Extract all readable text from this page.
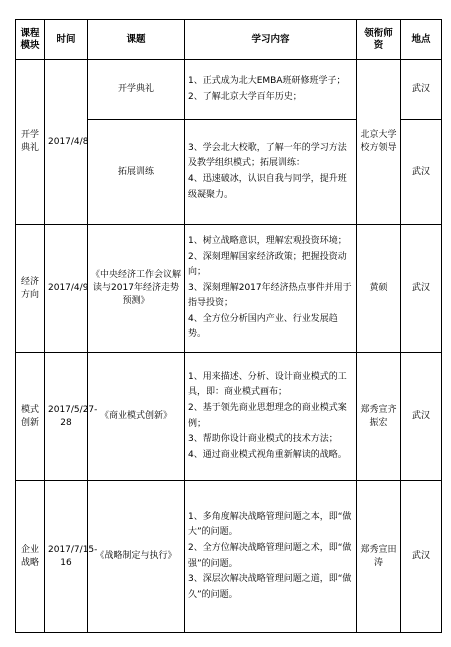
课程模块	时间	课题	学习内容	领衔师资	地点
开学典礼	2017/4/8	开学典礼	1、正式成为北大EMBA班研修班学子；
2、了解北京大学百年历史；	北京大学校方领导	武汉
		拓展训练	3、学会北大校歌，了解一年的学习方法及教学组织模式；拓展训练：
4、迅速破冰，认识自我与同学，提升班级凝聚力。		武汉
经济方向	2017/4/9	《中央经济工作会议解读与2017年经济走势预测》	1、树立战略意识，理解宏观投资环境；
2、深刻理解国家经济政策；把握投资动向；
3、深刻理解2017年经济热点事件并用于指导投资；
4、全方位分析国内产业、行业发展趋势。	黄硕	武汉
模式创新	2017/5/27-28	《商业模式创新》	1、用来描述、分析、设计商业模式的工具，即：商业模式画布；
2、基于领先商业思想理念的商业模式案例；
3、帮助你设计商业模式的技术方法；
4、通过商业模式视角重新解读的战略。	郑秀宣齐振宏	武汉
企业战略	2017/7/15-16	《战略制定与执行》	1、多角度解决战略管理问题之本，即“做大”的问题。
2、全方位解决战略管理问题之术，即“做强”的问题。
3、深层次解决战略管理问题之道，即“做久”的问题。	郑秀宣田涛	武汉
